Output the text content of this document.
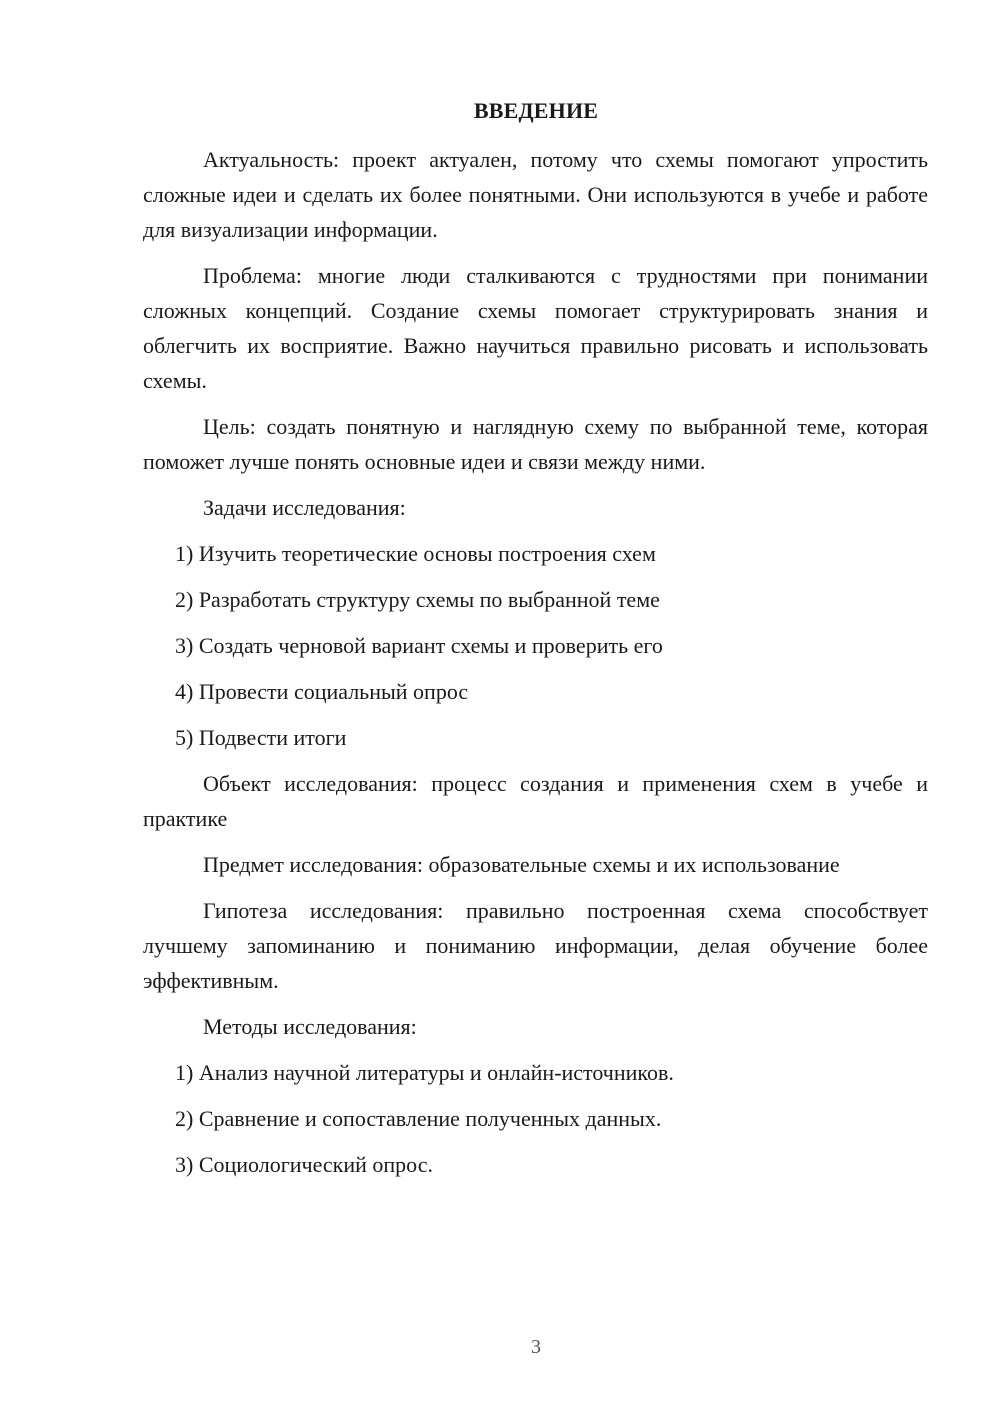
ВВЕДЕНИЕ

Актуальность: проект актуален, потому что схемы помогают упростить сложные идеи и сделать их более понятными. Они используются в учебе и работе для визуализации информации.

Проблема: многие люди сталкиваются с трудностями при понимании сложных концепций. Создание схемы помогает структурировать знания и облегчить их восприятие. Важно научиться правильно рисовать и использовать схемы.

Цель: создать понятную и наглядную схему по выбранной теме, которая поможет лучше понять основные идеи и связи между ними.

Задачи исследования:

1) Изучить теоретические основы построения схем
2) Разработать структуру схемы по выбранной теме
3) Создать черновой вариант схемы и проверить его
4) Провести социальный опрос
5) Подвести итоги

Объект исследования: процесс создания и применения схем в учебе и практике

Предмет исследования: образовательные схемы и их использование

Гипотеза исследования: правильно построенная схема способствует лучшему запоминанию и пониманию информации, делая обучение более эффективным.

Методы исследования:

1) Анализ научной литературы и онлайн-источников.
2) Сравнение и сопоставление полученных данных.
3) Социологический опрос.
3
